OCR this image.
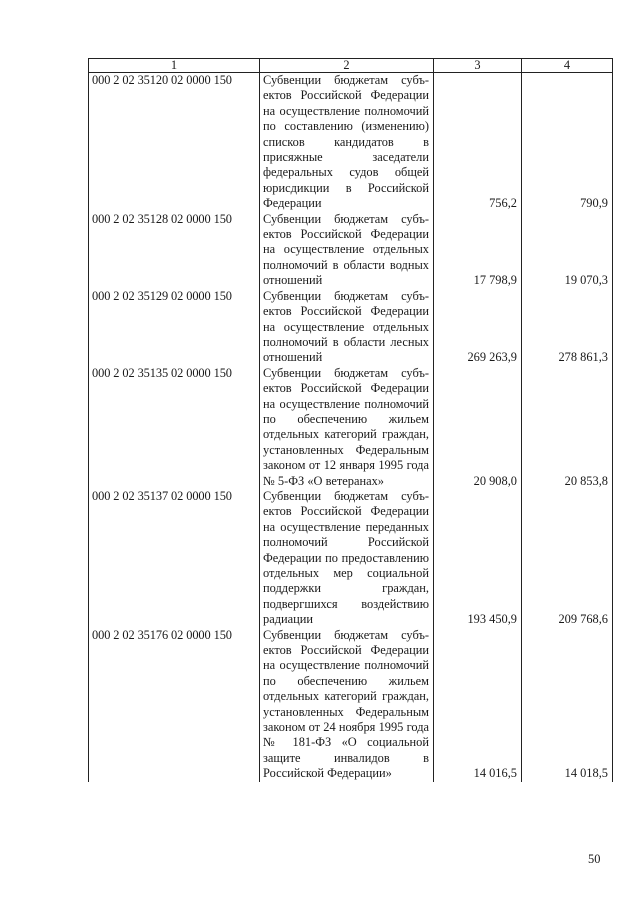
1	2	3	4
000 2 02 35120 02 0000 150	Субвенции бюджетам субъектов Российской Федерации на осуществление полномочий по составлению (изменению) списков кандидатов в присяжные заседатели федеральных судов общей юрисдикции в Российской Федерации	756,2	790,9
000 2 02 35128 02 0000 150	Субвенции бюджетам субъектов Российской Федерации на осуществление отдельных полномочий в области водных отношений	17 798,9	19 070,3
000 2 02 35129 02 0000 150	Субвенции бюджетам субъектов Российской Федерации на осуществление отдельных полномочий в области лесных отношений	269 263,9	278 861,3
000 2 02 35135 02 0000 150	Субвенции бюджетам субъектов Российской Федерации на осуществление полномочий по обеспечению жильем отдельных категорий граждан, установленных Федеральным законом от 12 января 1995 года № 5-ФЗ «О ветеранах»	20 908,0	20 853,8
000 2 02 35137 02 0000 150	Субвенции бюджетам субъектов Российской Федерации на осуществление переданных полномочий Российской Федерации по предоставлению отдельных мер социальной поддержки граждан, подвергшихся воздействию радиации	193 450,9	209 768,6
000 2 02 35176 02 0000 150	Субвенции бюджетам субъектов Российской Федерации на осуществление полномочий по обеспечению жильем отдельных категорий граждан, установленных Федеральным законом от 24 ноября 1995 года № 181-ФЗ «О социальной защите инвалидов в Российской Федерации»	14 016,5	14 018,5
50
